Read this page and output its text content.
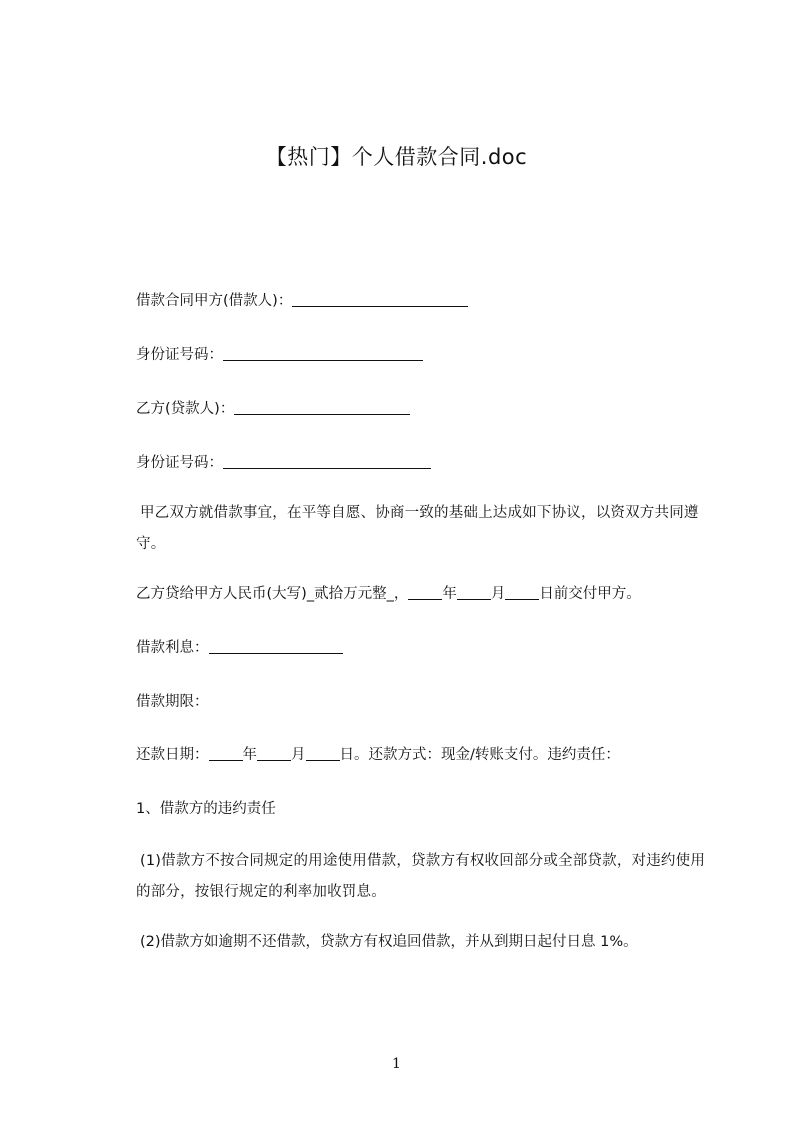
【热门】个人借款合同.doc
借款合同甲方(借款人)：
身份证号码：
乙方(贷款人)：
身份证号码：
甲乙双方就借款事宜，在平等自愿、协商一致的基础上达成如下协议，以资双方共同遵守。
乙方贷给甲方人民币(大写)_贰拾万元整_， 年 月 日前交付甲方。
借款利息：
借款期限：
还款日期： 年 月 日。还款方式：现金/转账支付。违约责任：
1、借款方的违约责任
(1)借款方不按合同规定的用途使用借款，贷款方有权收回部分或全部贷款，对违约使用的部分，按银行规定的利率加收罚息。
(2)借款方如逾期不还借款，贷款方有权追回借款，并从到期日起付日息 1%。
1
